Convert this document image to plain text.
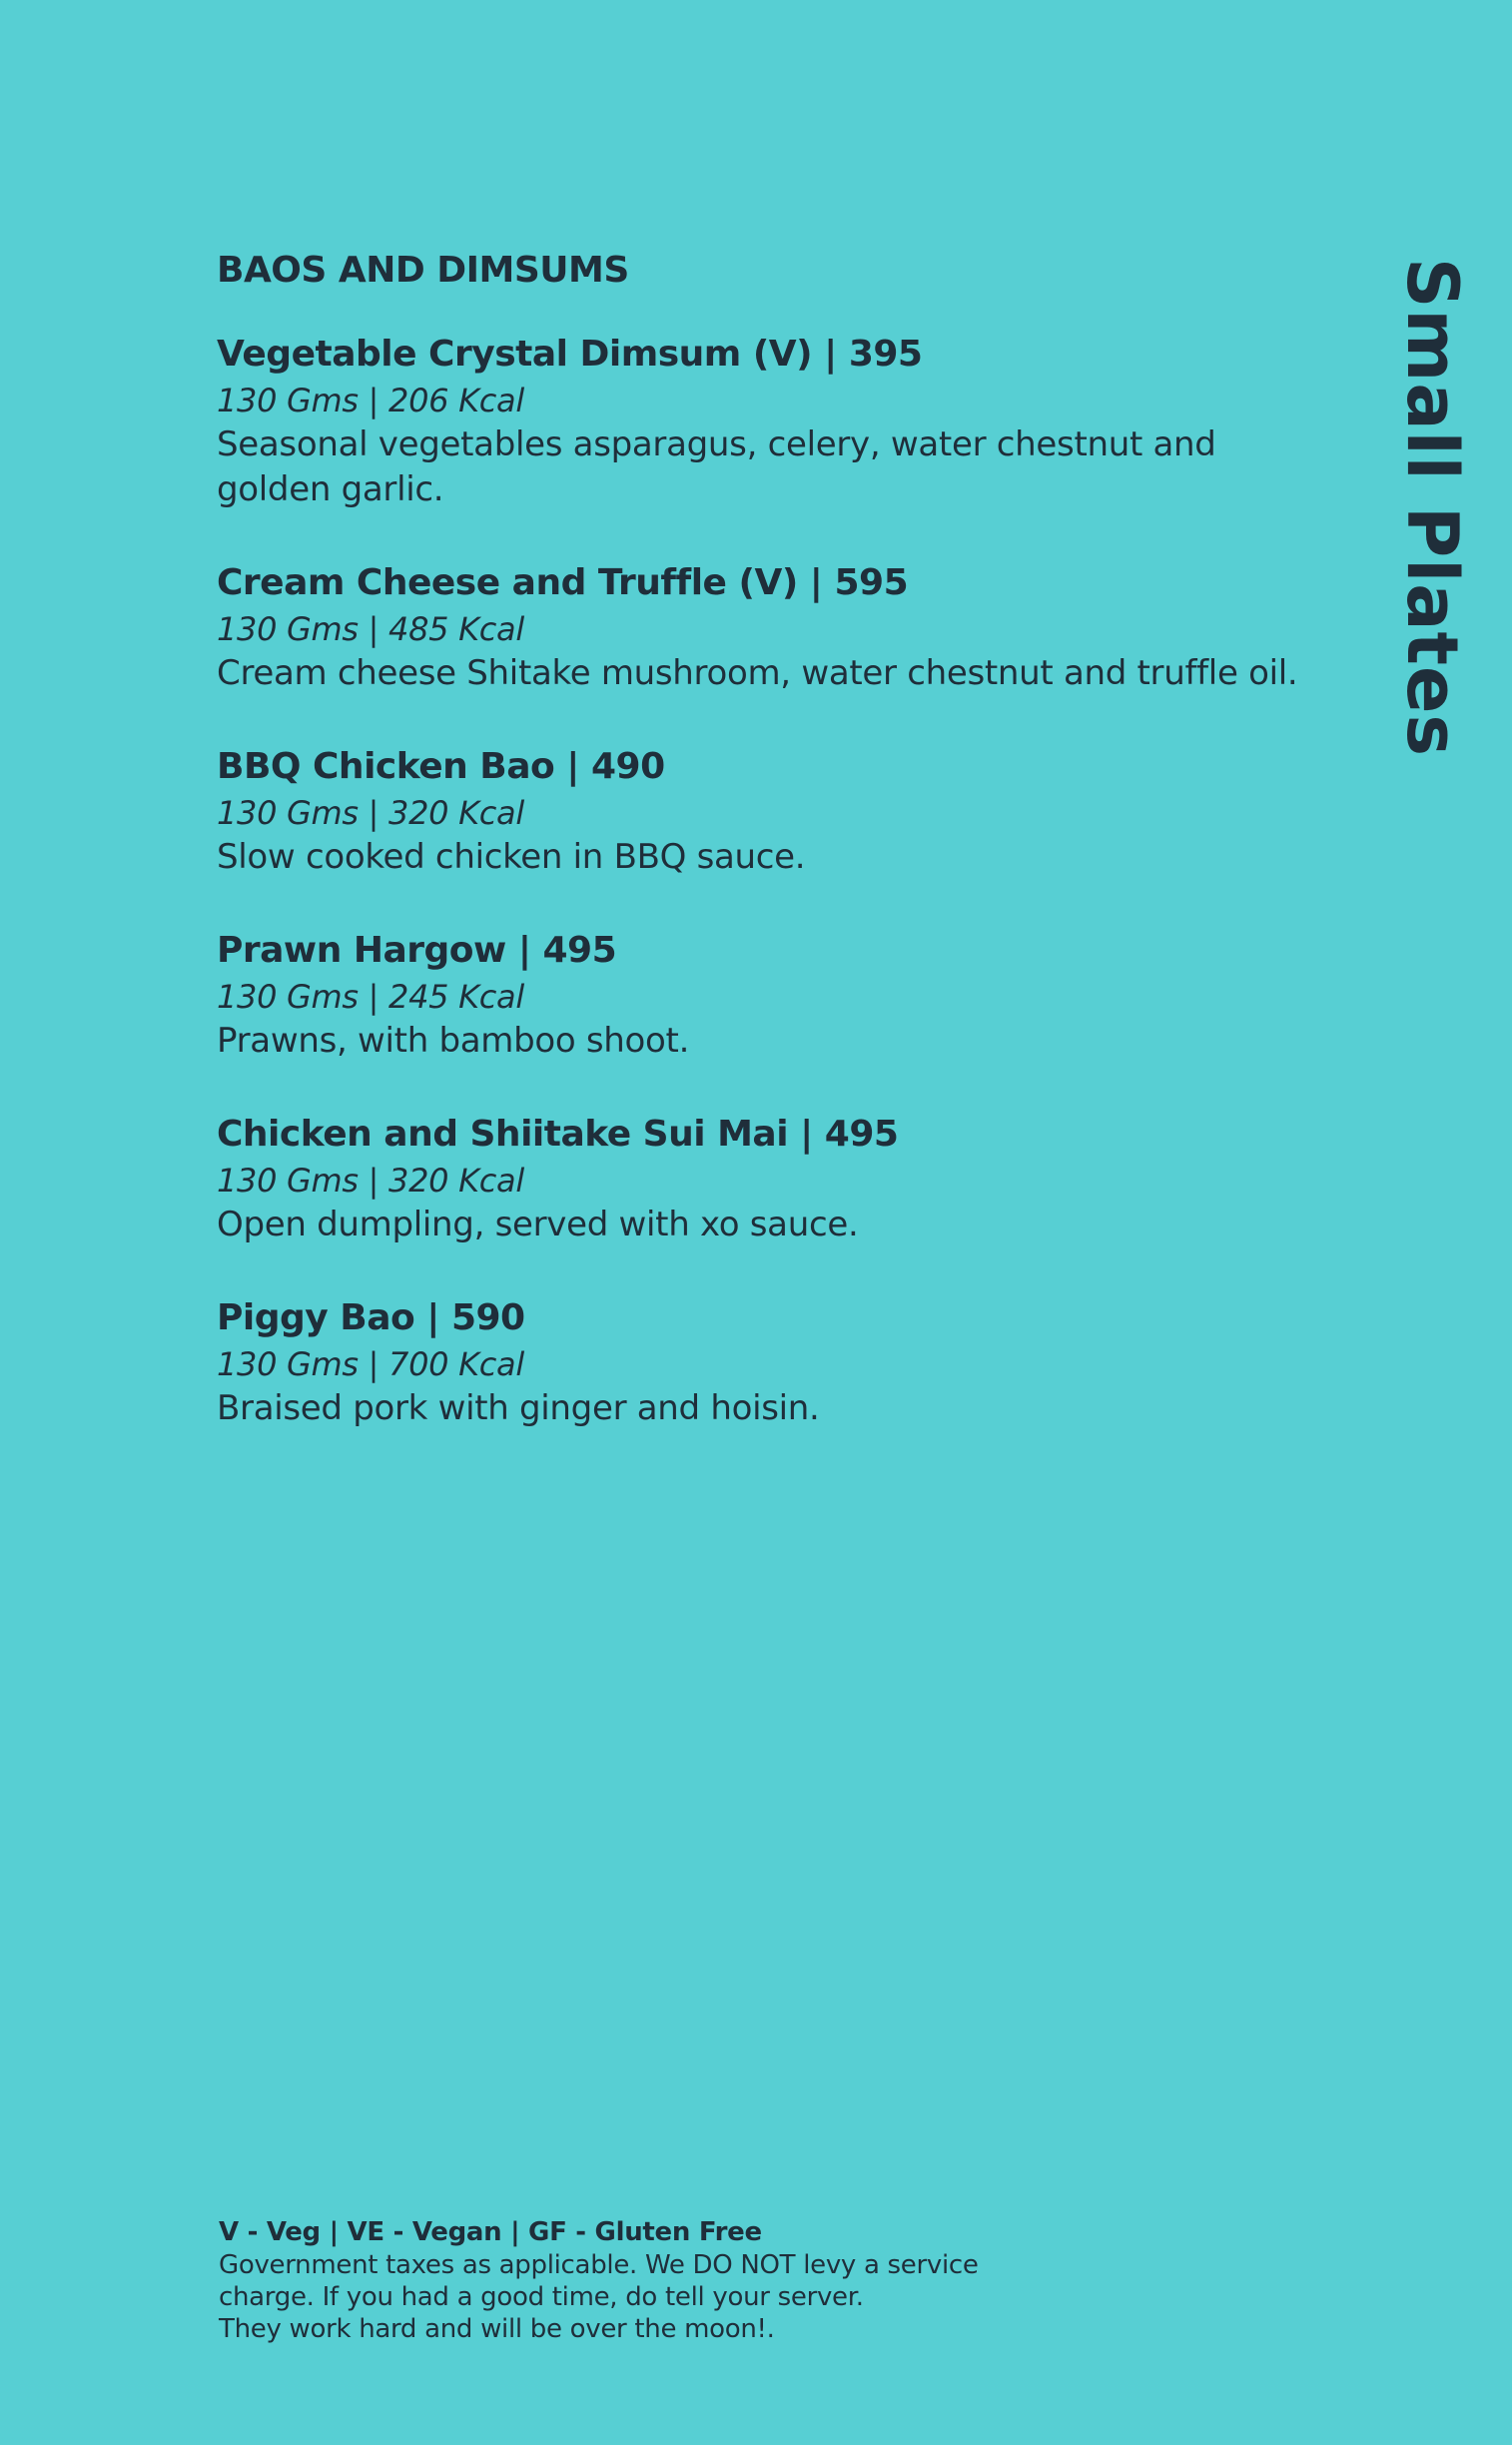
BAOS AND DIMSUMS
Vegetable Crystal Dimsum (V) | 395
130 Gms | 206 Kcal
Seasonal vegetables asparagus, celery, water chestnut and
golden garlic.
Cream Cheese and Truffle (V) | 595
130 Gms | 485 Kcal
Cream cheese Shitake mushroom, water chestnut and truffle oil.
BBQ Chicken Bao | 490
130 Gms | 320 Kcal
Slow cooked chicken in BBQ sauce.
Prawn Hargow | 495
130 Gms | 245 Kcal
Prawns, with bamboo shoot.
Chicken and Shiitake Sui Mai | 495
130 Gms | 320 Kcal
Open dumpling, served with xo sauce.
Piggy Bao | 590
130 Gms | 700 Kcal
Braised pork with ginger and hoisin.
Small Plates
V - Veg | VE - Vegan | GF - Gluten Free
Government taxes as applicable. We DO NOT levy a service
charge. If you had a good time, do tell your server.
They work hard and will be over the moon!.
